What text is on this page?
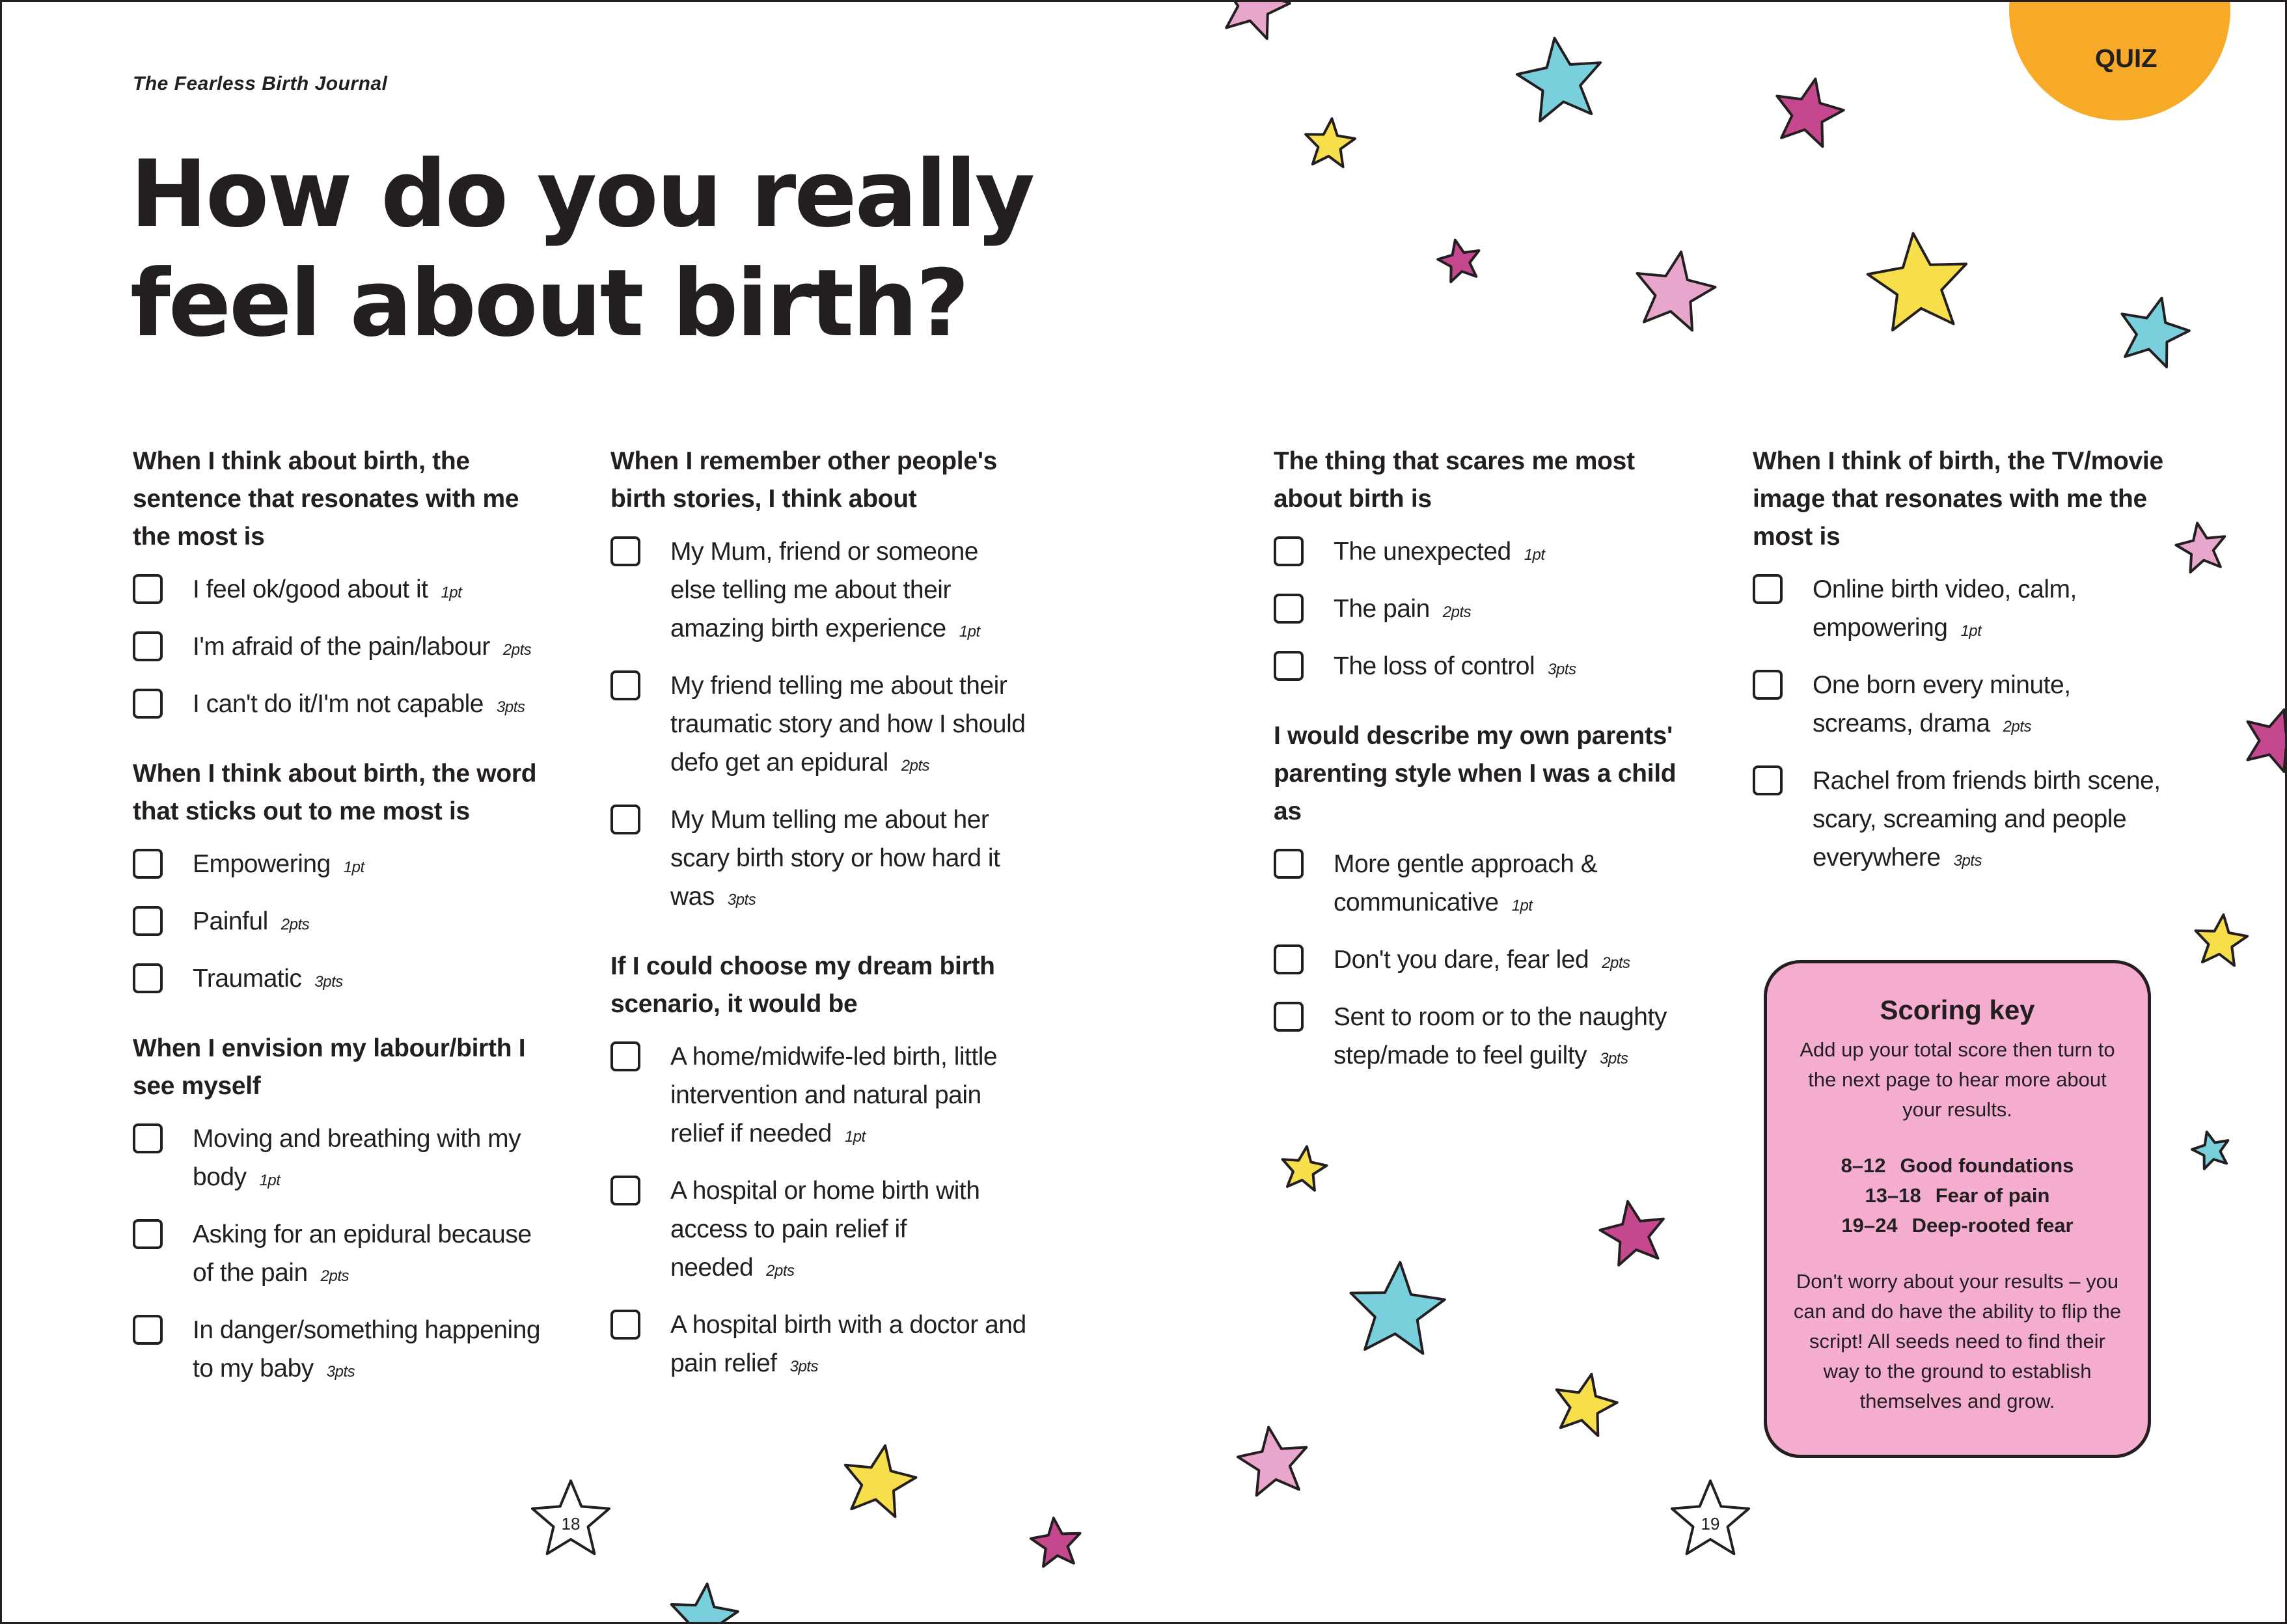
The Fearless Birth Journal
How do you really
feel about birth?

When I think about birth, the sentence that resonates with me the most is

I feel ok/good about it 1pt
I'm afraid of the pain/labour 2pts
I can't do it/I'm not capable 3pts

When I think about birth, the word that sticks out to me most is

Empowering 1pt
Painful 2pts
Traumatic 3pts

When I envision my labour/birth I see myself

Moving and breathing with my body 1pt
Asking for an epidural because of the pain 2pts
In danger/something happening to my baby 3pts

When I remember other people's birth stories, I think about

My Mum, friend or someone else telling me about their amazing birth experience 1pt
My friend telling me about their traumatic story and how I should defo get an epidural 2pts
My Mum telling me about her scary birth story or how hard it was 3pts

If I could choose my dream birth scenario, it would be

A home/midwife-led birth, little intervention and natural pain relief if needed 1pt
A hospital or home birth with access to pain relief if needed 2pts
A hospital birth with a doctor and pain relief 3pts
QUIZ

The thing that scares me most about birth is

The unexpected 1pt
The pain 2pts
The loss of control 3pts

I would describe my own parents' parenting style when I was a child as

More gentle approach & communicative 1pt
Don't you dare, fear led 2pts
Sent to room or to the naughty step/made to feel guilty 3pts

When I think of birth, the TV/movie image that resonates with me the most is

Online birth video, calm, empowering 1pt
One born every minute, screams, drama 2pts
Rachel from friends birth scene, scary, screaming and people everywhere 3pts
Scoring key

Add up your total score then turn to the next page to hear more about your results.

8–12 Good foundations
13–18 Fear of pain
19–24 Deep-rooted fear

Don't worry about your results – you can and do have the ability to flip the script! All seeds need to find their way to the ground to establish themselves and grow.

18	19
